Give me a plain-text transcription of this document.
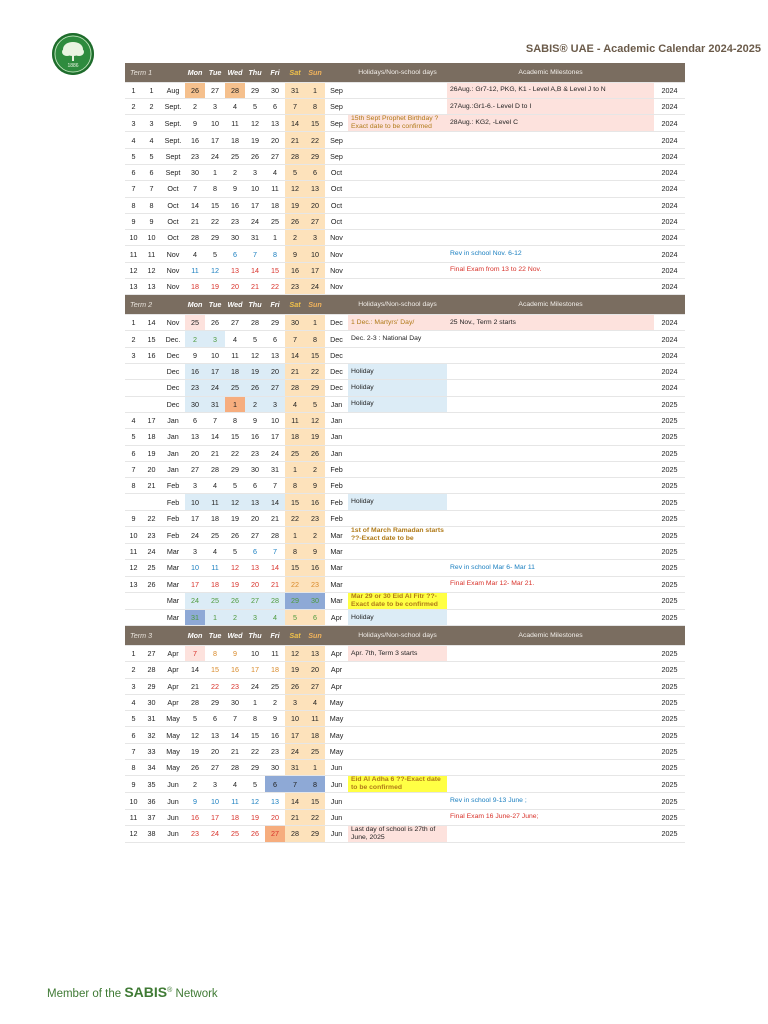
1886
SABIS® UAE - Academic Calendar 2024-2025
Term 1			Mon	Tue	Wed	Thu	Fri	Sat	Sun		Holidays/Non-school days	Academic Milestones	
1	1	Aug	26	27	28	29	30	31	1	Sep		26Aug.: Gr7-12, PKG, K1 - Level A,B & Level J to N	2024
2	2	Sept.	2	3	4	5	6	7	8	Sep		27Aug.:Gr1-6.- Level D to I	2024
3	3	Sept.	9	10	11	12	13	14	15	Sep	15th Sept Prophet Birthday ? Exact date to be confirmed	28Aug.: KG2, -Level C	2024
4	4	Sept.	16	17	18	19	20	21	22	Sep			2024
5	5	Sept	23	24	25	26	27	28	29	Sep			2024
6	6	Sept	30	1	2	3	4	5	6	Oct			2024
7	7	Oct	7	8	9	10	11	12	13	Oct			2024
8	8	Oct	14	15	16	17	18	19	20	Oct			2024
9	9	Oct	21	22	23	24	25	26	27	Oct			2024
10	10	Oct	28	29	30	31	1	2	3	Nov			2024
11	11	Nov	4	5	6	7	8	9	10	Nov		Rev in school Nov. 6-12	2024
12	12	Nov	11	12	13	14	15	16	17	Nov		Final Exam from 13 to 22 Nov.	2024
13	13	Nov	18	19	20	21	22	23	24	Nov			2024
Term 2			Mon	Tue	Wed	Thu	Fri	Sat	Sun		Holidays/Non-school days	Academic Milestones	
1	14	Nov	25	26	27	28	29	30	1	Dec	1 Dec.: Martyrs' Day/	25 Nov., Term 2 starts	2024
2	15	Dec.	2	3	4	5	6	7	8	Dec	Dec. 2-3 : National Day		2024
3	16	Dec	9	10	11	12	13	14	15	Dec			2024
		Dec	16	17	18	19	20	21	22	Dec	Holiday		2024
		Dec	23	24	25	26	27	28	29	Dec	Holiday		2024
		Dec	30	31	1	2	3	4	5	Jan	Holiday		2025
4	17	Jan	6	7	8	9	10	11	12	Jan			2025
5	18	Jan	13	14	15	16	17	18	19	Jan			2025
6	19	Jan	20	21	22	23	24	25	26	Jan			2025
7	20	Jan	27	28	29	30	31	1	2	Feb			2025
8	21	Feb	3	4	5	6	7	8	9	Feb			2025
		Feb	10	11	12	13	14	15	16	Feb	Holiday		2025
9	22	Feb	17	18	19	20	21	22	23	Feb			2025
10	23	Feb	24	25	26	27	28	1	2	Mar	1st of March Ramadan starts ??-Exact date to be		2025
11	24	Mar	3	4	5	6	7	8	9	Mar			2025
12	25	Mar	10	11	12	13	14	15	16	Mar		Rev in school Mar 6- Mar 11	2025
13	26	Mar	17	18	19	20	21	22	23	Mar		Final Exam Mar 12- Mar 21.	2025
		Mar	24	25	26	27	28	29	30	Mar	Mar 29 or 30 Eid Al Fitr ??-Exact date to be confirmed		2025
		Mar	31	1	2	3	4	5	6	Apr	Holiday		2025
Term 3			Mon	Tue	Wed	Thu	Fri	Sat	Sun		Holidays/Non-school days	Academic Milestones	
1	27	Apr	7	8	9	10	11	12	13	Apr	Apr. 7th, Term 3 starts		2025
2	28	Apr	14	15	16	17	18	19	20	Apr			2025
3	29	Apr	21	22	23	24	25	26	27	Apr			2025
4	30	Apr	28	29	30	1	2	3	4	May			2025
5	31	May	5	6	7	8	9	10	11	May			2025
6	32	May	12	13	14	15	16	17	18	May			2025
7	33	May	19	20	21	22	23	24	25	May			2025
8	34	May	26	27	28	29	30	31	1	Jun			2025
9	35	Jun	2	3	4	5	6	7	8	Jun	Eid Al Adha 6 ??-Exact date to be confirmed		2025
10	36	Jun	9	10	11	12	13	14	15	Jun		Rev in school 9-13 June ;	2025
11	37	Jun	16	17	18	19	20	21	22	Jun		Final Exam 16 June-27 June;	2025
12	38	Jun	23	24	25	26	27	28	29	Jun	Last day of school is 27th of June, 2025		2025
Member of the SABIS® Network
